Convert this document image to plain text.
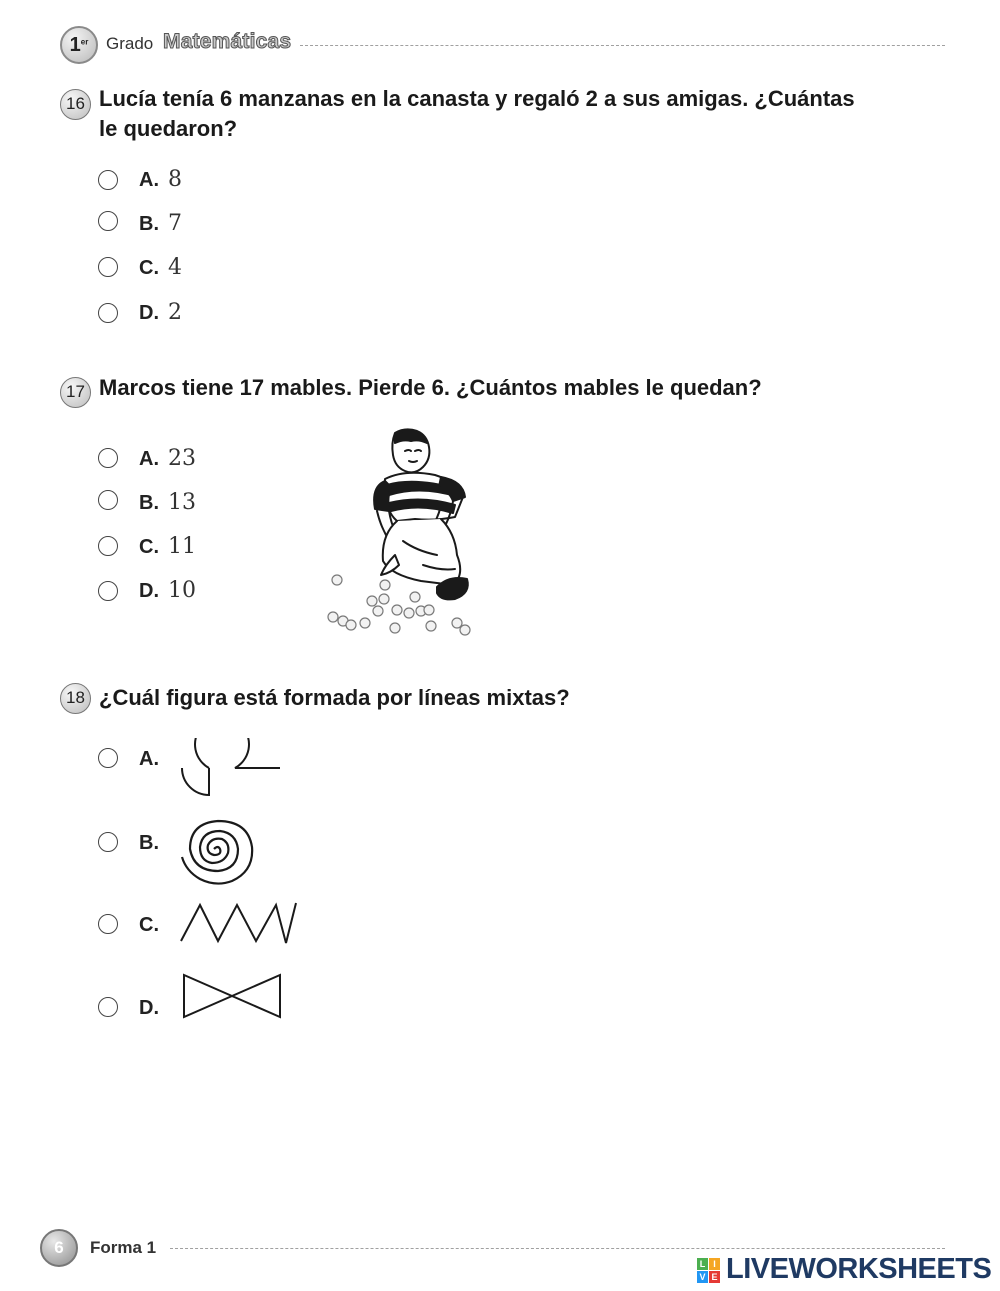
1er	Grado Matemáticas
16 Lucía tenía 6 manzanas en la canasta y regaló 2 a sus amigas. ¿Cuántas
le quedaron?
A. 8
B. 7
C. 4
D. 2
17 Marcos tiene 17 mables. Pierde 6. ¿Cuántos mables le quedan?
A. 23
B. 13
C. 11
D. 10
18 ¿Cuál figura está formada por líneas mixtas?
A.
B.
C.
D.
6	Forma 1
L I
V E LIVEWORKSHEETS
